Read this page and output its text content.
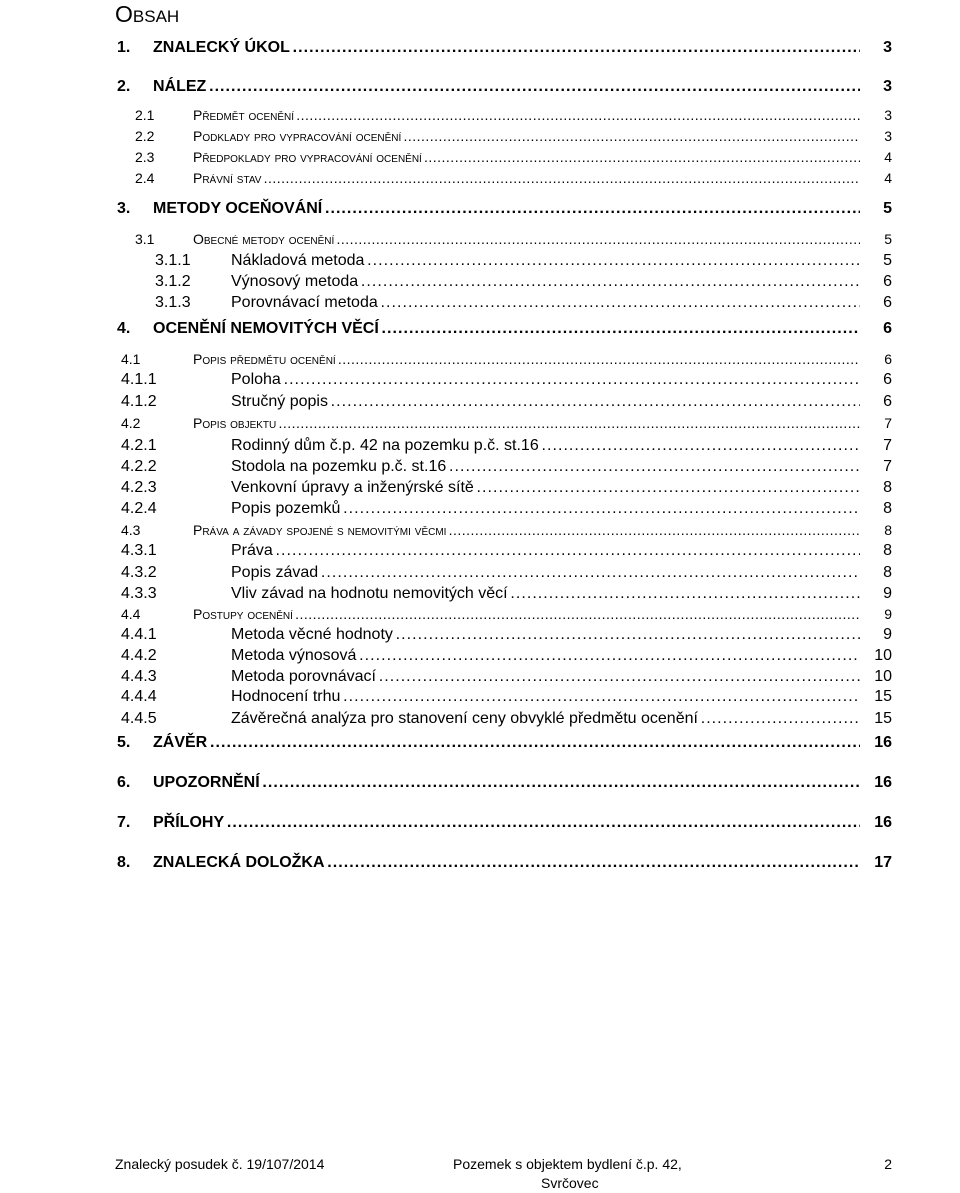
OBSAH
1. ZNALECKÝ ÚKOL . . .	3
2. NÁLEZ . . .	3
2.1	Předmět ocenění . . .	3
2.2	Podklady pro vypracování ocenění . . .	3
2.3	Předpoklady pro vypracování ocenění . . .	4
2.4	Právní stav . . .	4
3. METODY OCEŇOVÁNÍ . . .	5
3.1	Obecné metody ocenění . . .	5
3.1.1	Nákladová metoda . . .	5
3.1.2	Výnosový metoda . . .	6
3.1.3	Porovnávací metoda . . .	6
4. OCENĚNÍ NEMOVITÝCH VĚCÍ . . .	6
4.1	Popis předmětu ocenění . . .	6
4.1.1	Poloha . . .	6
4.1.2	Stručný popis . . .	6
4.2	Popis objektu . . .	7
4.2.1	Rodinný dům č.p. 42 na pozemku p.č. st.16 . . .	7
4.2.2	Stodola na pozemku p.č. st.16 . . .	7
4.2.3	Venkovní úpravy a inženýrské sítě . . .	8
4.2.4	Popis pozemků . . .	8
4.3	Práva a závady spojené s nemovitými věcmi . . .	8
4.3.1	Práva . . .	8
4.3.2	Popis závad . . .	8
4.3.3	Vliv závad na hodnotu nemovitých věcí . . .	9
4.4	Postupy ocenění . . .	9
4.4.1	Metoda věcné hodnoty . . .	9
4.4.2	Metoda výnosová . . .	10
4.4.3	Metoda porovnávací . . .	10
4.4.4	Hodnocení trhu . . .	15
4.4.5	Závěrečná analýza pro stanovení ceny obvyklé předmětu ocenění . . .	15
5. ZÁVĚR . . .	16
6. UPOZORNĚNÍ . . .	16
7. PŘÍLOHY . . .	16
8. ZNALECKÁ DOLOŽKA . . .	17
Znalecký posudek č. 19/107/2014	Pozemek s objektem bydlení č.p. 42,
Svrčovec
2
